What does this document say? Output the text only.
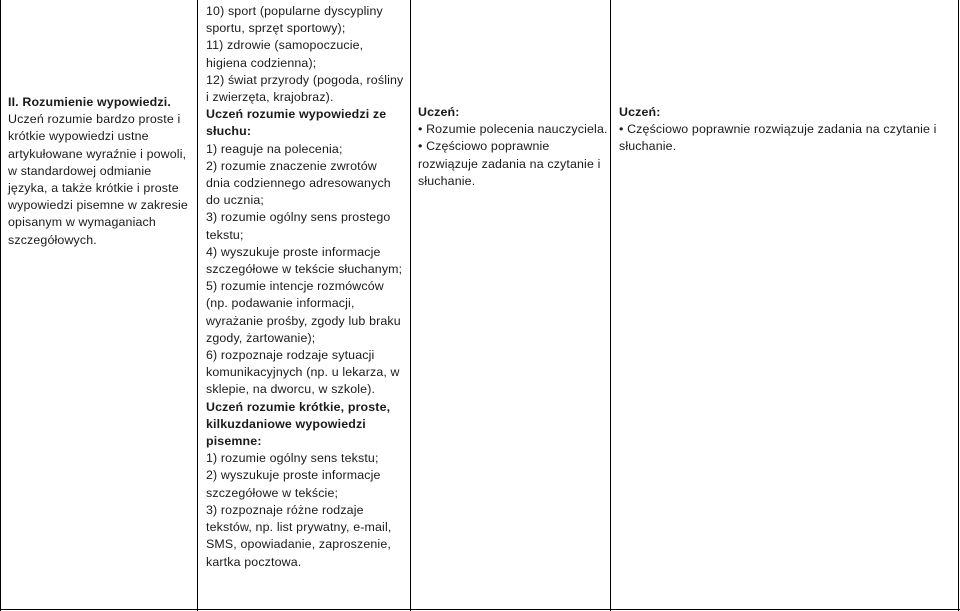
II. Rozumienie wypowiedzi.

Uczeń rozumie bardzo proste i krótkie wypowiedzi ustne artykułowane wyraźnie i powoli, w standardowej odmianie języka, a także krótkie i proste wypowiedzi pisemne w zakresie opisanym w wymaganiach szczegółowych.

10) sport (popularne dyscypliny sportu, sprzęt sportowy);

11) zdrowie (samopoczucie, higiena codzienna);

12) świat przyrody (pogoda, rośliny i zwierzęta, krajobraz).

Uczeń rozumie wypowiedzi ze słuchu:

1) reaguje na polecenia;

2) rozumie znaczenie zwrotów dnia codziennego adresowanych do ucznia;

3) rozumie ogólny sens prostego tekstu;

4) wyszukuje proste informacje szczegółowe w tekście słuchanym;

5) rozumie intencje rozmówców (np. podawanie informacji, wyrażanie prośby, zgody lub braku zgody, żartowanie);

6) rozpoznaje rodzaje sytuacji komunikacyjnych (np. u lekarza, w sklepie, na dworcu, w szkole).

Uczeń rozumie krótkie, proste, kilkuzdaniowe wypowiedzi pisemne:

1) rozumie ogólny sens tekstu;

2) wyszukuje proste informacje szczegółowe w tekście;

3) rozpoznaje różne rodzaje tekstów, np. list prywatny, e-mail, SMS, opowiadanie, zaproszenie, kartka pocztowa.

Uczeń:

• Rozumie polecenia nauczyciela.

• Częściowo poprawnie rozwiązuje zadania na czytanie i słuchanie.

Uczeń:

• Częściowo poprawnie rozwiązuje zadania na czytanie i słuchanie.
